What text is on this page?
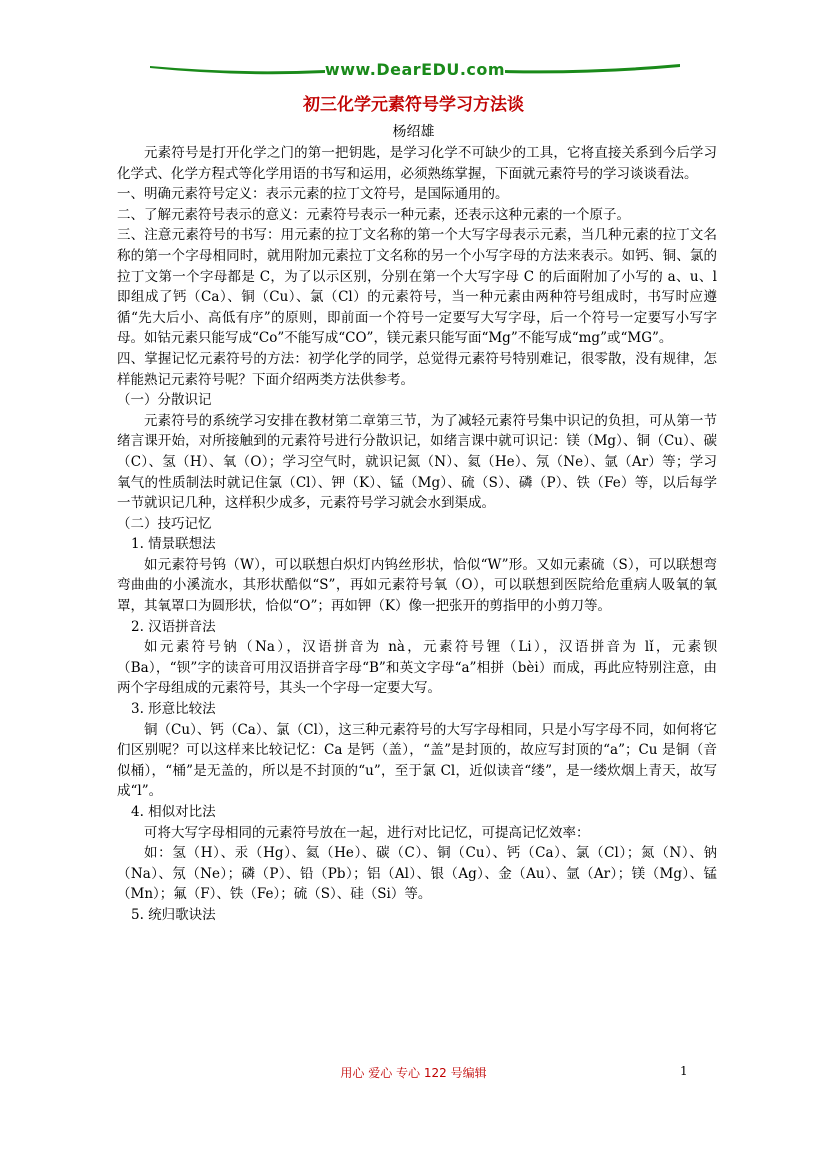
www.DearEDU.com
初三化学元素符号学习方法谈
杨绍雄

元素符号是打开化学之门的第一把钥匙，是学习化学不可缺少的工具，它将直接关系到今后学习化学式、化学方程式等化学用语的书写和运用，必须熟练掌握，下面就元素符号的学习谈谈看法。

一、明确元素符号定义：表示元素的拉丁文符号，是国际通用的。

二、了解元素符号表示的意义：元素符号表示一种元素，还表示这种元素的一个原子。

三、注意元素符号的书写：用元素的拉丁文名称的第一个大写字母表示元素，当几种元素的拉丁文名称的第一个字母相同时，就用附加元素拉丁文名称的另一个小写字母的方法来表示。如钙、铜、氯的拉丁文第一个字母都是 C，为了以示区别，分别在第一个大写字母 C 的后面附加了小写的 a、u、l 即组成了钙（Ca）、铜（Cu）、氯（Cl）的元素符号，当一种元素由两种符号组成时，书写时应遵循“先大后小、高低有序”的原则，即前面一个符号一定要写大写字母，后一个符号一定要写小写字母。如钴元素只能写成“Co”不能写成“CO”，镁元素只能写面“Mg”不能写成“mg”或“MG”。

四、掌握记忆元素符号的方法：初学化学的同学，总觉得元素符号特别难记，很零散，没有规律，怎样能熟记元素符号呢？下面介绍两类方法供参考。

（一）分散识记

元素符号的系统学习安排在教材第二章第三节，为了减轻元素符号集中识记的负担，可从第一节绪言课开始，对所接触到的元素符号进行分散识记，如绪言课中就可识记：镁（Mg）、铜（Cu）、碳（C）、氢（H）、氧（O）；学习空气时，就识记氮（N）、氦（He）、氖（Ne）、氩（Ar）等；学习氧气的性质制法时就记住氯（Cl）、钾（K）、锰（Mg）、硫（S）、磷（P）、铁（Fe）等，以后每学一节就识记几种，这样积少成多，元素符号学习就会水到渠成。

（二）技巧记忆

1. 情景联想法

如元素符号钨（W），可以联想白炽灯内钨丝形状，恰似“W”形。又如元素硫（S），可以联想弯弯曲曲的小溪流水，其形状酷似“S”，再如元素符号氧（O），可以联想到医院给危重病人吸氧的氧罩，其氧罩口为圆形状，恰似“O”；再如钾（K）像一把张开的剪指甲的小剪刀等。

2. 汉语拼音法

如元素符号钠（Na），汉语拼音为 nà，元素符号锂（Li），汉语拼音为 lǐ，元素钡（Ba），“钡”字的读音可用汉语拼音字母“B”和英文字母“a”相拼（bèi）而成，再此应特别注意，由两个字母组成的元素符号，其头一个字母一定要大写。

3. 形意比较法

铜（Cu）、钙（Ca）、氯（Cl），这三种元素符号的大写字母相同，只是小写字母不同，如何将它们区别呢？可以这样来比较记忆：Ca 是钙（盖），“盖”是封顶的，故应写封顶的“a”；Cu 是铜（音似桶），“桶”是无盖的，所以是不封顶的“u”，至于氯 Cl，近似读音“缕”，是一缕炊烟上青天，故写成“l”。

4. 相似对比法

可将大写字母相同的元素符号放在一起，进行对比记忆，可提高记忆效率：

如：氢（H）、汞（Hg）、氦（He）、碳（C）、铜（Cu）、钙（Ca）、氯（Cl）；氮（N）、钠（Na）、氖（Ne）；磷（P）、铅（Pb）；铝（Al）、银（Ag）、金（Au）、氩（Ar）；镁（Mg）、锰（Mn）；氟（F）、铁（Fe）；硫（S）、硅（Si）等。

5. 统归歌诀法

用心 爱心 专心 122 号编辑	1
